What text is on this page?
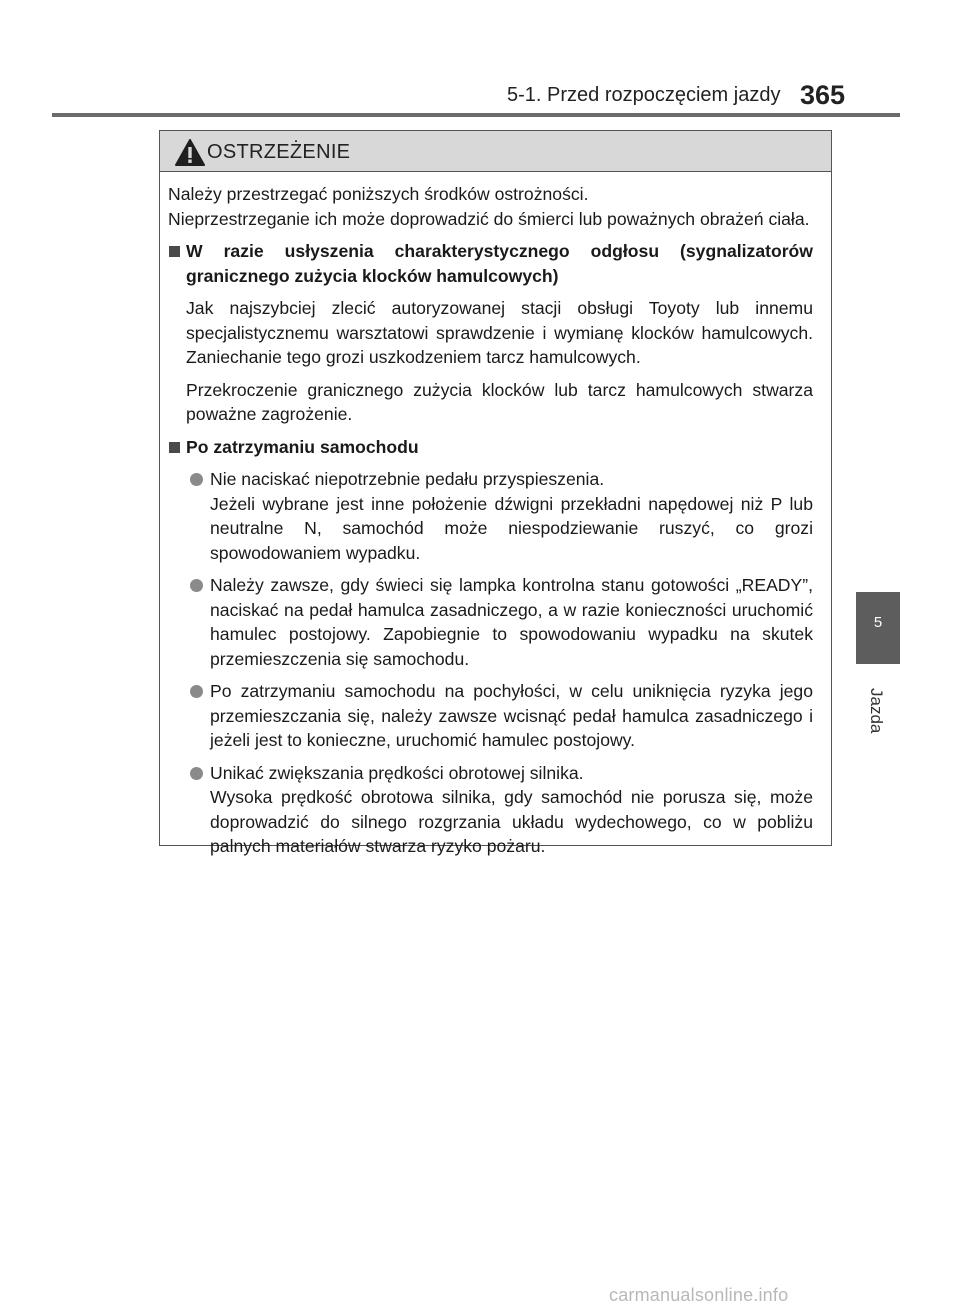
5-1. Przed rozpoczęciem jazdy 365
5
Jazda
OSTRZEŻENIE

Należy przestrzegać poniższych środków ostrożności.

Nieprzestrzeganie ich może doprowadzić do śmierci lub poważnych obrażeń ciała.

W razie usłyszenia charakterystycznego odgłosu (sygnalizatorów granicznego zużycia klocków hamulcowych)

Jak najszybciej zlecić autoryzowanej stacji obsługi Toyoty lub innemu specjalistycznemu warsztatowi sprawdzenie i wymianę klocków hamulcowych. Zaniechanie tego grozi uszkodzeniem tarcz hamulcowych.

Przekroczenie granicznego zużycia klocków lub tarcz hamulcowych stwarza poważne zagrożenie.

Po zatrzymaniu samochodu

Nie naciskać niepotrzebnie pedału przyspieszenia.

Jeżeli wybrane jest inne położenie dźwigni przekładni napędowej niż P lub neutralne N, samochód może niespodziewanie ruszyć, co grozi spowodowaniem wypadku.

Należy zawsze, gdy świeci się lampka kontrolna stanu gotowości „READY”, naciskać na pedał hamulca zasadniczego, a w razie konieczności uruchomić hamulec postojowy. Zapobiegnie to spowodowaniu wypadku na skutek przemieszczenia się samochodu.

Po zatrzymaniu samochodu na pochyłości, w celu uniknięcia ryzyka jego przemieszczania się, należy zawsze wcisnąć pedał hamulca zasadniczego i jeżeli jest to konieczne, uruchomić hamulec postojowy.

Unikać zwiększania prędkości obrotowej silnika.

Wysoka prędkość obrotowa silnika, gdy samochód nie porusza się, może doprowadzić do silnego rozgrzania układu wydechowego, co w pobliżu palnych materiałów stwarza ryzyko pożaru.

carmanualsonline.info
